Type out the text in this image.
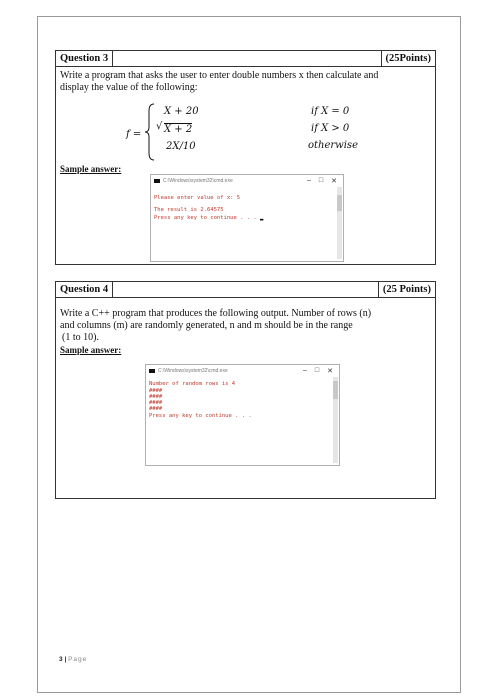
Question 3	(25Points)
Write a program that asks the user to enter double numbers x then calculate and
display the value of the following:
f =
X + 20
√ X + 2
2X/10
if X = 0
if X > 0
otherwise
Sample answer:
C:\Windows\system32\cmd.exe	– □ ✕
Please enter value of x: 5
The result is 2.64575
Press any key to continue . . . ▂
Question 4	(25 Points)
Write a C++ program that produces the following output. Number of rows (n)
and columns (m) are randomly generated, n and m should be in the range
(1 to 10).
Sample answer:
C:\Windows\system32\cmd.exe	– □ ✕
Number of random rows is 4
####
####
####
####
Press any key to continue . . .
3 | Page
